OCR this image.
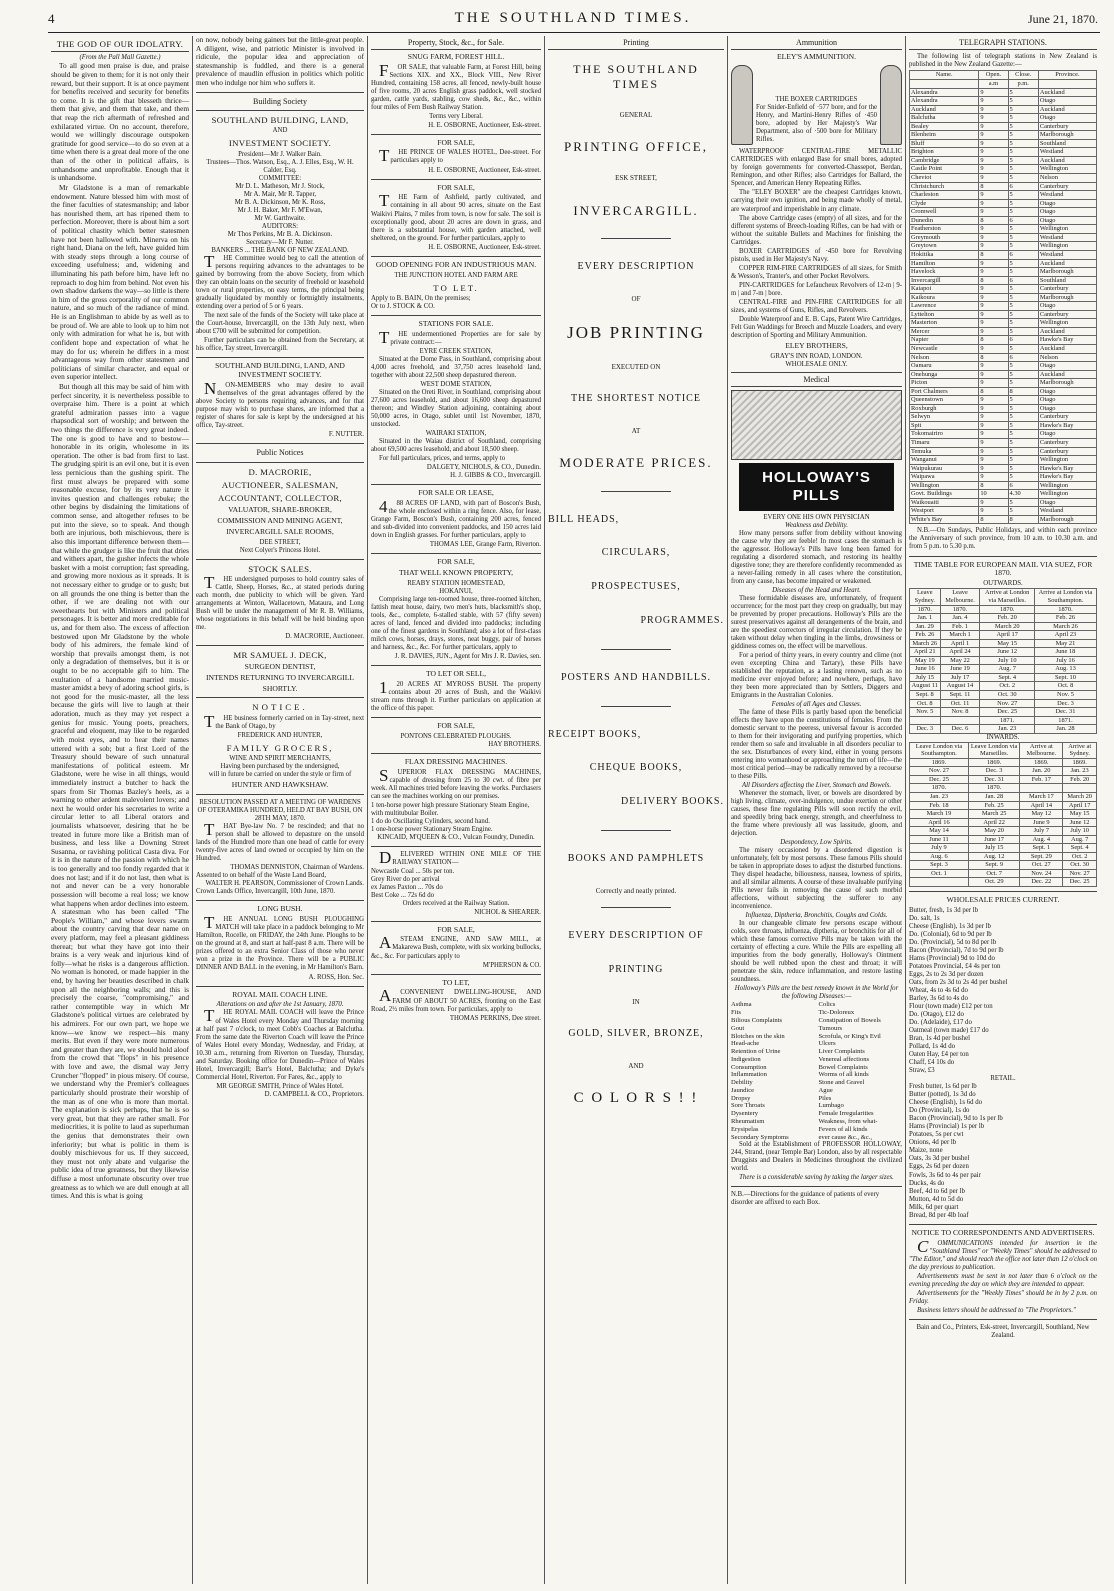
4	THE SOUTHLAND TIMES.	June 21, 1870.
THE GOD OF OUR IDOLATRY.
(From the Pall Mall Gazette.)
To all good men praise is due, and praise should be given to them; for it is not only their reward, but their support. It is at once payment for benefits received and security for benefits to come. It is the gift that blesseth thrice—them that give, and them that take, and them that reap the rich aftermath of refreshed and exhilarated virtue. On no account, therefore, would we willingly discourage outspoken gratitude for good service—to do so even at a time when there is a great deal more of the one than of the other in political affairs, is unhandsome and unprofitable. Enough that it is unhandsome.
Mr Gladstone is a man of remarkable endowment. Nature blessed him with most of the finer faculties of statesmanship; and labor has nourished them, art has ripened them to perfection. Moreover, there is about him a sort of political chastity which better statesmen have not been hallowed with. Minerva on his right hand, Diana on the left, have guided him with steady steps through a long course of exceeding usefulness; and, widening and illuminating his path before him, have left no reproach to dog him from behind. Not even his own shadow darkens the way—so little is there in him of the gross corporality of our common nature, and so much of the radiance of mind. He is an Englishman to abide by as well as to be proud of. We are able to look up to him not only with admiration for what he is, but with confident hope and expectation of what he may do for us; wherein he differs in a most advantageous way from other statesmen and politicians of similar character, and equal or even superior intellect.
But though all this may be said of him with perfect sincerity, it is nevertheless possible to overpraise him. There is a point at which grateful admiration passes into a vague rhapsodical sort of worship; and between the two things the difference is very great indeed. The one is good to have and to bestow—honorable in its origin, wholesome in its operation. The other is bad from first to last. The grudging spirit is an evil one, but it is even less pernicious than the gushing spirit. The first must always be prepared with some reasonable excuse, for by its very nature it invites question and challenges rebuke; the other begins by disdaining the limitations of common sense, and altogether refuses to be put into the sieve, so to speak. And though both are injurious, both mischievous, there is also this important difference between them—that while the grudger is like the fruit that dries and withers apart, the gusher infects the whole basket with a moist corruption; fast spreading, and growing more noxious as it spreads. It is not necessary either to grudge or to gush; but on all grounds the one thing is better than the other, if we are dealing not with our sweethearts but with Ministers and political personages. It is better and more creditable for us, and for them also. The excess of affection bestowed upon Mr Gladstone by the whole body of his admirers, the female kind of worship that prevails amongst them, is not only a degradation of themselves, but it is or ought to be no acceptable gift to him. The exultation of a handsome married music-master amidst a bevy of adoring school girls, is not good for the music-master, all the less because the girls will live to laugh at their adoration, much as they may yet respect a genius for music. Young poets, preachers, graceful and eloquent, may like to be regarded with moist eyes, and to hear their names uttered with a sob; but a first Lord of the Treasury should beware of such unnatural manifestations of political esteem. Mr Gladstone, were he wise in all things, would immediately instruct a butcher to hack the spars from Sir Thomas Bazley's heels, as a warning to other ardent malevolent lovers; and next he would order his secretaries to write a circular letter to all Liberal orators and journalists whatsoever, desiring that he be treated in future more like a British man of business, and less like a Downing Street Susanna, or ravishing political Casta diva. For it is in the nature of the passion with which he is too generally and too fondly regarded that it does not last; and if it do not last, then what is not and never can be a very honorable possession will become a real loss; we know what happens when ardor declines into esteem. A statesman who has been called "The People's William," and whose lovers swarm about the country carving that dear name on every platform, may feel a pleasant giddiness thereat; but what they have got into their brains is a very weak and injurious kind of folly—what he risks is a dangerous affliction. No woman is honored, or made happier in the end, by having her beauties described in chalk upon all the neighboring walls; and this is precisely the coarse, "compromising," and rather contemptible way in which Mr Gladstone's political virtues are celebrated by his admirers. For our own part, we hope we know—we know we respect—his many merits. But even if they were more numerous and greater than they are, we should hold aloof from the crowd that "flops" in his presence with love and awe, the dismal way Jerry Cruncher "flopped" in pious misery. Of course, we understand why the Premier's colleagues particularly should prostrate their worship of the man as of one who is more than mortal. The explanation is sick perhaps, that he is so very great, but that they are rather small. For mediocrities, it is polite to laud as superhuman the genius that demonstrates their own inferiority; but what is politic in them is doubly mischievous for us. If they succeed, they must not only abate and vulgarise the public idea of true greatness, but they likewise diffuse a most unfortunate obscurity over true greatness as to which we are dull enough at all times. And this is what is going
on now, nobody being gainers but the little-great people. A diligent, wise, and patriotic Minister is involved in ridicule, the popular idea and appreciation of statesmanship is fuddled, and there is a general prevalence of maudlin effusion in politics which politic men who indulge nor him who suffers it.
Building Society
SOUTHLAND BUILDING, LAND,
AND
INVESTMENT SOCIETY.
President—Mr J. Walker Bain.
Trustees—Thos. Watson, Esq., A. J. Elles, Esq., W. H. Calder, Esq.
COMMITTEE:
Mr D. L. Matheson, Mr J. Stock,
Mr A. Mair, Mr R. Tapper,
Mr B. A. Dickinson, Mr K. Ross,
Mr J. H. Baker, Mr F. M'Ewan,
Mr W. Garthwaite.
AUDITORS:
Mr Thos Perkins, Mr B. A. Dickinson.
Secretary—Mr F. Nutter.
BANKERS ... THE BANK OF NEW ZEALAND.
THE Committee would beg to call the attention of persons requiring advances to the advantages to be gained by borrowing from the above Society, from which they can obtain loans on the security of freehold or leasehold town or rural properties, on easy terms, the principal being gradually liquidated by monthly or fortnightly instalments, extending over a period of 5 or 6 years.
The next sale of the funds of the Society will take place at the Court-house, Invercargill, on the 13th July next, when about £700 will be submitted for competition.
Further particulars can be obtained from the Secretary, at his office, Tay street, Invercargill.
SOUTHLAND BUILDING, LAND, AND INVESTMENT SOCIETY.
NON-MEMBERS who may desire to avail themselves of the great advantages offered by the above Society to persons requiring advances, and for that purpose may wish to purchase shares, are informed that a register of shares for sale is kept by the undersigned at his office, Tay-street.
F. NUTTER.
Public Notices
D. MACRORIE,
AUCTIONEER, SALESMAN,
ACCOUNTANT, COLLECTOR,
VALUATOR, SHARE-BROKER,
COMMISSION AND MINING AGENT,
INVERCARGILL SALE ROOMS,
DEE STREET,
Next Colyer's Princess Hotel.
STOCK SALES.
THE undersigned purposes to hold country sales of Cattle, Sheep, Horses, &c., at stated periods during each month, due publicity to which will be given. Yard arrangements at Winton, Wallacetown, Mataura, and Long Bush will be under the management of Mr R. B. Williams, whose negotiations in this behalf will be held binding upon me.
D. MACRORIE, Auctioneer.
MR SAMUEL J. DECK,
SURGEON DENTIST,
INTENDS RETURNING TO INVERCARGILL
SHORTLY.
NOTICE.
THE business formerly carried on in Tay-street, next the Bank of Otago, by
FREDERICK AND HUNTER,
FAMILY GROCERS,
WINE AND SPIRIT MERCHANTS,
Having been purchased by the undersigned,
will in future be carried on under the style or firm of
HUNTER AND HAWKSHAW.
RESOLUTION PASSED AT A MEETING OF WARDENS OF OTERAMIKA HUNDRED, HELD AT BAY BUSH, ON 28TH MAY, 1870.
THAT Bye-law No. 7 be rescinded; and that no person shall be allowed to depasture on the unsold lands of the Hundred more than one head of cattle for every twenty-five acres of land owned or occupied by him on the Hundred.
THOMAS DENNISTON, Chairman of Wardens.
Assented to on behalf of the Waste Land Board,
WALTER H. PEARSON, Commissioner of Crown Lands.
Crown Lands Office, Invercargill, 10th June, 1870.
LONG BUSH.
THE ANNUAL LONG BUSH PLOUGHING MATCH will take place in a paddock belonging to Mr Hamilton, Rocelle, on FRIDAY, the 24th June. Ploughs to be on the ground at 8, and start at half-past 8 a.m. There will be prizes offered to an extra Senior Class of those who never won a prize in the Province. There will be a PUBLIC DINNER AND BALL in the evening, in Mr Hamilton's Barn.
A. ROSS, Hon. Sec.
ROYAL MAIL COACH LINE.
Alterations on and after the 1st January, 1870.
THE ROYAL MAIL COACH will leave the Prince of Wales Hotel every Monday and Thursday morning at half past 7 o'clock, to meet Cobb's Coaches at Balclutha. From the same date the Riverton Coach will leave the Prince of Wales Hotel every Monday, Wednesday, and Friday, at 10.30 a.m., returning from Riverton on Tuesday, Thursday, and Saturday. Booking office for Dunedin—Prince of Wales Hotel, Invercargill; Barr's Hotel, Balclutha; and Dyke's Commercial Hotel, Riverton. For Fares, &c., apply to
MR GEORGE SMITH, Prince of Wales Hotel.
D. CAMPBELL & CO., Proprietors.
Property, Stock, &c., for Sale.
SNUG FARM, FOREST HILL.
FOR SALE, that valuable Farm, at Forest Hill, being Sections XIX. and XX., Block VIII., New River Hundred, containing 158 acres, all fenced, newly-built house of five rooms, 20 acres English grass paddock, well stocked garden, cattle yards, stabling, cow sheds, &c., &c., within four miles of Fern Bush Railway Station.
Terms very Liberal.
H. E. OSBORNE, Auctioneer, Esk-street.
FOR SALE,
THE PRINCE OF WALES HOTEL, Dee-street. For particulars apply to
H. E. OSBORNE, Auctioneer, Esk-street.
FOR SALE,
THE Farm of Ashfield, partly cultivated, and containing in all about 90 acres, situate on the East Waikivi Plains, 7 miles from town, is now for sale. The soil is exceptionally good, about 20 acres are down in grass, and there is a substantial house, with garden attached, well sheltered, on the ground. For further particulars, apply to
H. E. OSBORNE, Auctioneer, Esk-street.
GOOD OPENING FOR AN INDUSTRIOUS MAN.
THE JUNCTION HOTEL AND FARM ARE
TO LET.
Apply to B. BAIN, On the premises;
Or to J. STOCK & CO.
STATIONS FOR SALE.
THE undermentioned Properties are for sale by private contract:—
EYRE CREEK STATION,
Situated at the Dome Pass, in Southland, comprising about 4,000 acres freehold, and 37,750 acres leasehold land, together with about 22,500 sheep depastured thereon.
WEST DOME STATION,
Situated on the Oreti River, in Southland, comprising about 27,600 acres leasehold, and about 16,600 sheep depastured thereon; and Windley Station adjoining, containing about 50,000 acres, in Otago, sublet until 1st November, 1870, unstocked.
WAIRAKI STATION,
Situated in the Waiau district of Southland, comprising about 69,500 acres leasehold, and about 18,500 sheep.
For full particulars, prices, and terms, apply to
DALGETY, NICHOLS, & CO., Dunedin.
H. J. GIBBS & CO., Invercargill.
FOR SALE OR LEASE,
488 ACRES OF LAND, with part of Boscon's Bush, the whole enclosed within a ring fence. Also, for lease, Grange Farm, Boscon's Bush, containing 200 acres, fenced and sub-divided into convenient paddocks, and 150 acres laid down in English grasses. For further particulars, apply to
THOMAS LEE, Grange Farm, Riverton.
FOR SALE,
THAT WELL KNOWN PROPERTY,
REABY STATION HOMESTEAD,
HOKANUI,
Comprising large ten-roomed house, three-roomed kitchen, fattish meat house, dairy, two men's huts, blacksmith's shop, tools, &c., complete, 6-stalled stable, with 57 (fifty seven) acres of land, fenced and divided into paddocks; including one of the finest gardens in Southland; also a lot of first-class milch cows, horses, drays, stores, neat buggy, pair of horses and harness, &c., &c. For further particulars, apply to
J. R. DAVIES, JUN., Agent for Mrs J. R. Davies, sen.
TO LET OR SELL,
120 ACRES AT MYROSS BUSH. The property contains about 20 acres of Bush, and the Waikivi stream runs through it. Further particulars on application at the office of this paper.
FOR SALE,
PONTONS CELEBRATED PLOUGHS.
HAY BROTHERS.
FLAX DRESSING MACHINES.
SUPERIOR FLAX DRESSING MACHINES, capable of dressing from 25 to 30 cwt. of fibre per week. All machines tried before leaving the works. Purchasers can see the machines working on our premises.
1 ten-horse power high pressure Stationary Steam Engine, with multitubular Boiler.
1 do do Oscillating Cylinders, second hand.
1 one-horse power Stationary Steam Engine.
KINCAID, M'QUEEN & CO., Vulcan Foundry, Dunedin.
DELIVERED WITHIN ONE MILE OF THE RAILWAY STATION—
Newcastle Coal ... 50s per ton.
Grey River do per arrival
ex James Paxton ... 70s do
Best Coke ... 72s 6d do
Orders received at the Railway Station.
NICHOL & SHEARER.
FOR SALE,
ASTEAM ENGINE, AND SAW MILL, at Makarewa Bush, complete, with six working bullocks, &c., &c. For particulars apply to
M'PHERSON & CO.
TO LET,
ACONVENIENT DWELLING-HOUSE, AND FARM OF ABOUT 50 ACRES, fronting on the East Road, 2½ miles from town. For particulars, apply to
THOMAS PERKINS, Dee street.
Printing
THE SOUTHLAND TIMES
GENERAL
PRINTING OFFICE,
ESK STREET,
INVERCARGILL.
EVERY DESCRIPTION
OF
JOB PRINTING
EXECUTED ON
THE SHORTEST NOTICE
AT
MODERATE PRICES.
BILL HEADS,
CIRCULARS,
PROSPECTUSES,
PROGRAMMES.
POSTERS AND HANDBILLS.
RECEIPT BOOKS,
CHEQUE BOOKS,
DELIVERY BOOKS.
BOOKS AND PAMPHLETS
Correctly and neatly printed.
EVERY DESCRIPTION OF
PRINTING
IN
GOLD, SILVER, BRONZE,
AND
C O L O R S ! !
Ammunition
ELEY'S AMMUNITION.
THE BOXER CARTRIDGES
For Snider-Enfield of ·577 bore, and for the Henry, and Martini-Henry Rifles of ·450 bore, adopted by Her Majesty's War Department, also of ·500 bore for Military Rifles.
WATERPROOF CENTRAL-FIRE METALLIC CARTRIDGES with enlarged Base for small bores, adopted by foreign governments for converted-Chassepot, Berdan, Remington, and other Rifles; also Cartridges for Ballard, the Spencer, and American Henry Repeating Rifles.
The "ELEY BOXER" are the cheapest Cartridges known, carrying their own ignition, and being made wholly of metal, are waterproof and imperishable in any climate.
The above Cartridge cases (empty) of all sizes, and for the different systems of Breech-loading Rifles, can be had with or without the suitable Bullets and Machines for finishing the Cartridges.
BOXER CARTRIDGES of ·450 bore for Revolving pistols, used in Her Majesty's Navy.
COPPER RIM-FIRE CARTRIDGES of all sizes, for Smith & Wesson's, Tranter's, and other Pocket Revolvers.
PIN-CARTRIDGES for Lefaucheux Revolvers of 12-m | 9-m | and 7-m | bore.
CENTRAL-FIRE and PIN-FIRE CARTRIDGES for all sizes, and systems of Guns, Rifles, and Revolvers.
Double Waterproof and E. B. Caps, Patent Wire Cartridges, Felt Gun Waddings for Breech and Muzzle Loaders, and every description of Sporting and Military Ammunition.
ELEY BROTHERS,
GRAY'S INN ROAD, LONDON.
WHOLESALE ONLY.
Medical
HOLLOWAY'S PILLS
EVERY ONE HIS OWN PHYSICIAN
Weakness and Debility.
How many persons suffer from debility without knowing the cause why they are feeble! In most cases the stomach is the aggressor. Holloway's Pills have long been famed for regulating a disordered stomach, and restoring its healthy digestive tone; they are therefore confidently recommended as a never-failing remedy in all cases where the constitution, from any cause, has become impaired or weakened.
Diseases of the Head and Heart.
These formidable diseases are, unfortunately, of frequent occurrence; for the most part they creep on gradually, but may be prevented by proper precautions. Holloway's Pills are the surest preservatives against all derangements of the brain, and are the speediest correctors of irregular circulation. If they be taken without delay when tingling in the limbs, drowsiness or giddiness comes on, the effect will be marvellous.
For a period of thirty years, in every country and clime (not even excepting China and Tartary), these Pills have established the reputation, as a lasting renown, such as no medicine ever enjoyed before; and nowhere, perhaps, have they been more appreciated than by Settlers, Diggers and Emigrants in the Australian Colonies.
Females of all Ages and Classes.
The fame of these Pills is partly based upon the beneficial effects they have upon the constitutions of females. From the domestic servant to the peeress, universal favour is accorded to them for their invigorating and purifying properties, which render them so safe and invaluable in all disorders peculiar to the sex. Disturbances of every kind, either in young persons entering into womanhood or approaching the turn of life—the most critical period—may be radically removed by a recourse to these Pills.
All Disorders affecting the Liver, Stomach and Bowels.
Whenever the stomach, liver, or bowels are disordered by high living, climate, over-indulgence, undue exertion or other causes, these fine regulating Pills will soon rectify the evil, and speedily bring back energy, strength, and cheerfulness to the frame where previously all was lassitude, gloom, and dejection.
Despondency, Low Spirits.
The misery occasioned by a disordered digestion is unfortunately, felt by most persons. These famous Pills should be taken in appropriate doses to adjust the disturbed functions. They dispel headache, biliousness, nausea, lowness of spirits, and all similar ailments. A course of these invaluable purifying Pills never fails in removing the cause of such morbid affections, without subjecting the sufferer to any inconvenience.
Influenza, Diptheria, Bronchitis, Coughs and Colds.
In our changeable climate few persons escape without colds, sore throats, influenza, diptheria, or bronchitis for all of which these famous corrective Pills may be taken with the certainty of effecting a cure. While the Pills are expelling all impurities from the body generally, Holloway's Ointment should be well rubbed upon the chest and throat; it will penetrate the skin, reduce inflammation, and restore lasting soundness.
Holloway's Pills are the best remedy known in the World for the following Diseases:—
Asthma
Fits
Bilious Complaints
Gout
Blotches on the skin
Head-ache
Retention of Urine
Indigestion
Consumption
Inflammation
Debility
Jaundice
Dropsy
Sore Throats
Dysentery
Rheumatism
Erysipelas
Secondary Symptoms
Colics
Tic-Doloreux
Constipation of Bowels
Tumours
Scrofula, or King's Evil
Ulcers
Liver Complaints
Venereal affections
Bowel Complaints
Worms of all kinds
Stone and Gravel
Ague
Piles
Lumbago
Female Irregularities
Weakness, from what-
Fevers of all kinds
ever cause &c., &c.,
Sold at the Establishment of PROFESSOR HOLLOWAY, 244, Strand, (near Temple Bar) London, also by all respectable Druggists and Dealers in Medicines throughout the civilized world.
There is a considerable saving by taking the larger sizes.
N.B.—Directions for the guidance of patients of every disorder are affixed to each Box.
TELEGRAPH STATIONS.
The following list of telegraph stations in New Zealand is published in the New Zealand Gazette:—
Name.	Open.	Close.	Province.
	a.m	p.m.	
Alexandra	9	5	Auckland
Alexandra	9	5	Otago
Auckland	9	5	Auckland
Balclutha	9	5	Otago
Bealey	9	5	Canterbury
Blenheim	9	5	Marlborough
Bluff	9	5	Southland
Brighton	9	5	Westland
Cambridge	9	5	Auckland
Castle Point	9	5	Wellington
Cheviot	9	5	Nelson
Christchurch	8	6	Canterbury
Charleston	9	5	Westland
Clyde	9	5	Otago
Cromwell	9	5	Otago
Dunedin	8	6	Otago
Featherston	9	5	Wellington
Greymouth	9	5	Westland
Greytown	9	5	Wellington
Hokitika	8	6	Westland
Hamilton	9	5	Auckland
Havelock	9	5	Marlborough
Invercargill	8	6	Southland
Kaiapoi	9	5	Canterbury
Kaikoura	9	5	Marlborough
Lawrence	9	5	Otago
Lyttelton	9	5	Canterbury
Masterton	9	5	Wellington
Mercer	9	5	Auckland
Napier	8	6	Hawke's Bay
Newcastle	9	5	Auckland
Nelson	8	6	Nelson
Oamaru	9	5	Otago
Onehunga	9	5	Auckland
Picton	9	5	Marlborough
Port Chalmers	8	8	Otago
Queenstown	9	5	Otago
Roxburgh	9	5	Otago
Selwyn	9	5	Canterbury
Spit	9	5	Hawke's Bay
Tokomairiro	9	5	Otago
Timaru	9	5	Canterbury
Temuka	9	5	Canterbury
Wanganui	9	5	Wellington
Waipukurau	9	5	Hawke's Bay
Waipawa	9	5	Hawke's Bay
Wellington	8	6	Wellington
Govt. Buildings	10	4.30	Wellington
Waikouaiti	9	5	Otago
Westport	9	5	Westland
White's Bay	8	8	Marlborough
N.B.—On Sundays, Public Holidays, and within each province the Anniversary of such province, from 10 a.m. to 10.30 a.m. and from 5 p.m. to 5.30 p.m.
TIME TABLE FOR EUROPEAN MAIL VIA SUEZ, FOR 1870.
OUTWARDS.
Leave Sydney.	Leave Melbourne.	Arrive at London via Marseilles.	Arrive at London via Southampton.
1870.	1870.	1870.	1870.
Jan. 1	Jan. 4	Feb. 20	Feb. 26
Jan. 29	Feb. 1	March 20	March 26
Feb. 26	March 1	April 17	April 23
March 26	April 1	May 15	May 21
April 21	April 24	June 12	June 18
May 19	May 22	July 10	July 16
June 16	June 19	Aug. 7	Aug. 13
July 15	July 17	Sept. 4	Sept. 10
August 11	August 14	Oct. 2	Oct. 8
Sept. 8	Sept. 11	Oct. 30	Nov. 5
Oct. 8	Oct. 11	Nov. 27	Dec. 3
Nov. 5	Nov. 8	Dec. 25	Dec. 31
		1871.	1871.
Dec. 3	Dec. 6	Jan. 23	Jan. 28
INWARDS.
Leave London via Southampton.	Leave London via Marseilles.	Arrive at Melbourne.	Arrive at Sydney.
1869.	1869.	1869.	1869.
Nov. 27	Dec. 3	Jan. 20	Jan. 23
Dec. 25	Dec. 31	Feb. 17	Feb. 20
1870.	1870.		
Jan. 23	Jan. 28	March 17	March 20
Feb. 18	Feb. 25	April 14	April 17
March 19	March 25	May 12	May 15
April 16	April 22	June 9	June 12
May 14	May 20	July 7	July 10
June 11	June 17	Aug. 4	Aug. 7
July 9	July 15	Sept. 1	Sept. 4
Aug. 6	Aug. 12	Sept. 29	Oct. 2
Sept. 3	Sept. 9	Oct. 27	Oct. 30
Oct. 1	Oct. 7	Nov. 24	Nov. 27
	Oct. 29	Dec. 22	Dec. 25
WHOLESALE PRICES CURRENT.
Butter, fresh, 1s 3d per lb
Do. salt, 1s
Cheese (English), 1s 3d per lb
Do. (Colonial), 6d to 9d per lb
Do. (Provincial), 5d to 8d per lb
Bacon (Provincial), 7d to 9d per lb
Hams (Provincial) 9d to 10d do
Potatoes Provincial, £4 4s per ton
Eggs, 2s to 2s 3d per dozen
Oats, from 2s 3d to 2s 4d per bushel
Wheat, 4s to 4s 6d do
Barley, 3s 6d to 4s do
Flour (town made) £12 per ton
Do. (Otago), £12 do
Do. (Adelaide), £17 do
Oatmeal (town made) £17 do
Bran, 1s 4d per bushel
Pollard, 1s 4d do
Oaten Hay, £4 per ton
Chaff, £4 10s do
Straw, £3
RETAIL.
Fresh butter, 1s 6d per lb
Butter (potted), 1s 3d do
Cheese (English), 1s 6d do
Do (Provincial), 1s do
Bacon (Provincial), 9d to 1s per lb
Hams (Provincial) 1s per lb
Potatoes, 5s per cwt
Onions, 4d per lb
Maize, none
Oats, 3s 3d per bushel
Eggs, 2s 6d per dozen
Fowls, 3s 6d to 4s per pair
Ducks, 4s do
Beef, 4d to 6d per lb
Mutton, 4d to 5d do
Milk, 6d per quart
Bread, 8d per 4lb loaf
NOTICE TO CORRESPONDENTS AND ADVERTISERS.
COMMUNICATIONS intended for insertion in the "Southland Times" or "Weekly Times" should be addressed to "The Editor," and should reach the office not later than 12 o'clock on the day previous to publication.
Advertisements must be sent in not later than 6 o'clock on the evening preceding the day on which they are intended to appear.
Advertisements for the "Weekly Times" should be in by 2 p.m. on Friday.
Business letters should be addressed to "The Proprietors."
Bain and Co., Printers, Esk-street, Invercargill, Southland, New Zealand.
